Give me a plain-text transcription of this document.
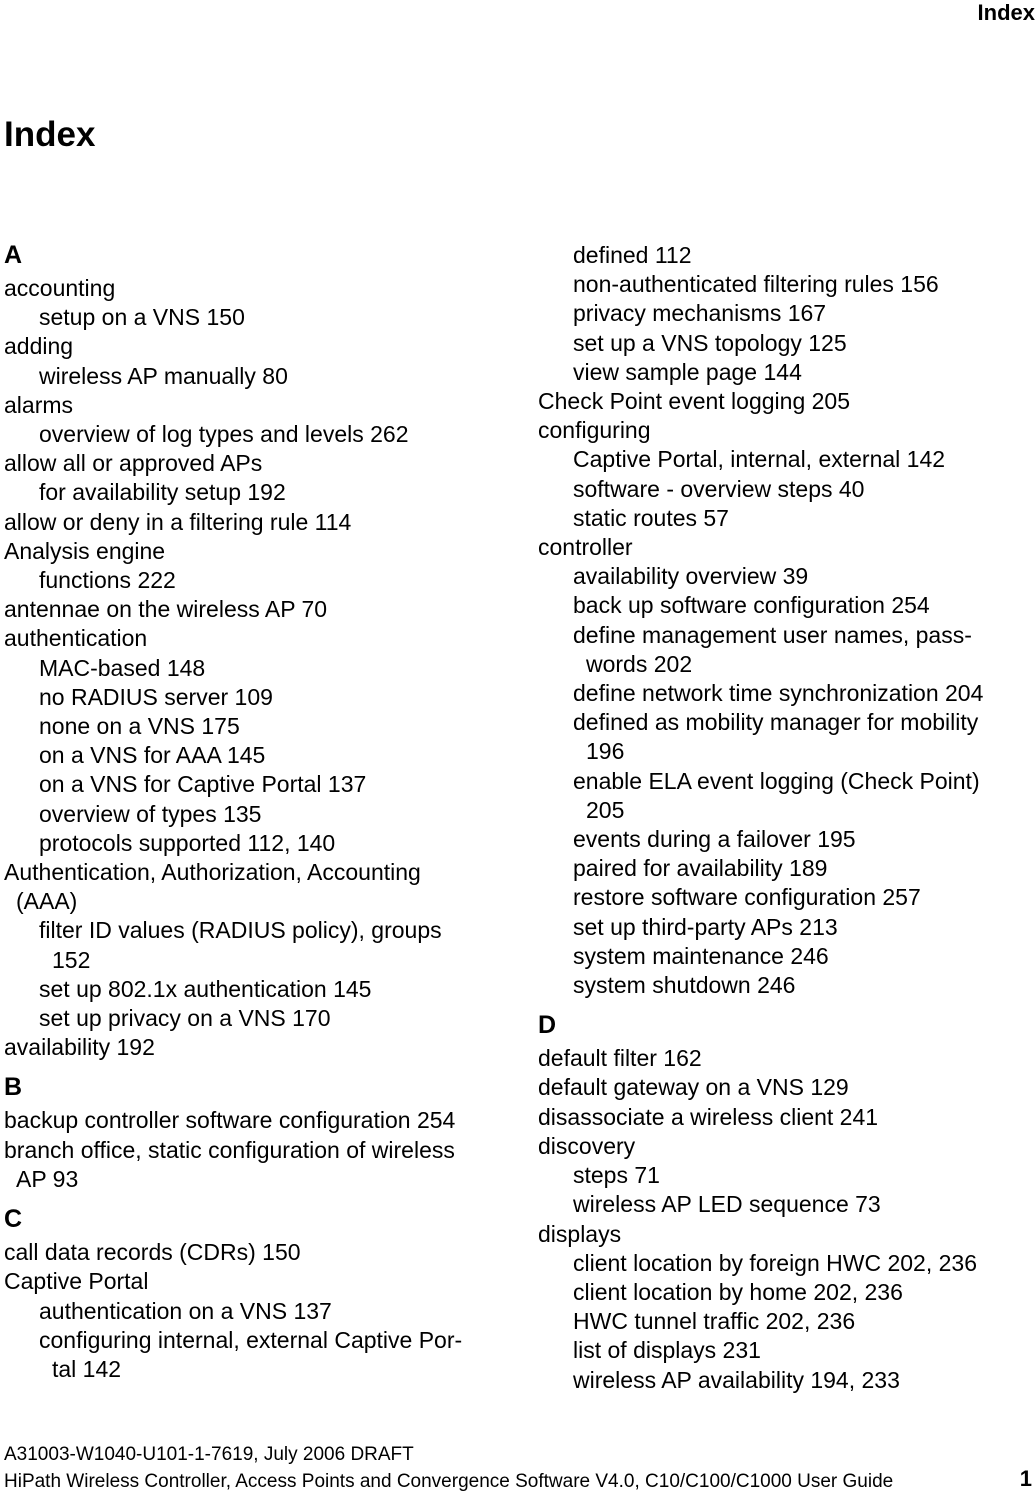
Index
Index
A
accounting
setup on a VNS 150
adding
wireless AP manually 80
alarms
overview of log types and levels 262
allow all or approved APs
for availability setup 192
allow or deny in a filtering rule 114
Analysis engine
functions 222
antennae on the wireless AP 70
authentication
MAC-based 148
no RADIUS server 109
none on a VNS 175
on a VNS for AAA 145
on a VNS for Captive Portal 137
overview of types 135
protocols supported 112, 140
Authentication, Authorization, Accounting
(AAA)
filter ID values (RADIUS policy), groups
152
set up 802.1x authentication 145
set up privacy on a VNS 170
availability 192
B
backup controller software configuration 254
branch office, static configuration of wireless
AP 93
C
call data records (CDRs) 150
Captive Portal
authentication on a VNS 137
configuring internal, external Captive Por-
tal 142
defined 112
non-authenticated filtering rules 156
privacy mechanisms 167
set up a VNS topology 125
view sample page 144
Check Point event logging 205
configuring
Captive Portal, internal, external 142
software - overview steps 40
static routes 57
controller
availability overview 39
back up software configuration 254
define management user names, pass-
words 202
define network time synchronization 204
defined as mobility manager for mobility
196
enable ELA event logging (Check Point)
205
events during a failover 195
paired for availability 189
restore software configuration 257
set up third-party APs 213
system maintenance 246
system shutdown 246
D
default filter 162
default gateway on a VNS 129
disassociate a wireless client 241
discovery
steps 71
wireless AP LED sequence 73
displays
client location by foreign HWC 202, 236
client location by home 202, 236
HWC tunnel traffic 202, 236
list of displays 231
wireless AP availability 194, 233
A31003-W1040-U101-1-7619, July 2006 DRAFT
HiPath Wireless Controller, Access Points and Convergence Software V4.0, C10/C100/C1000 User Guide	1
